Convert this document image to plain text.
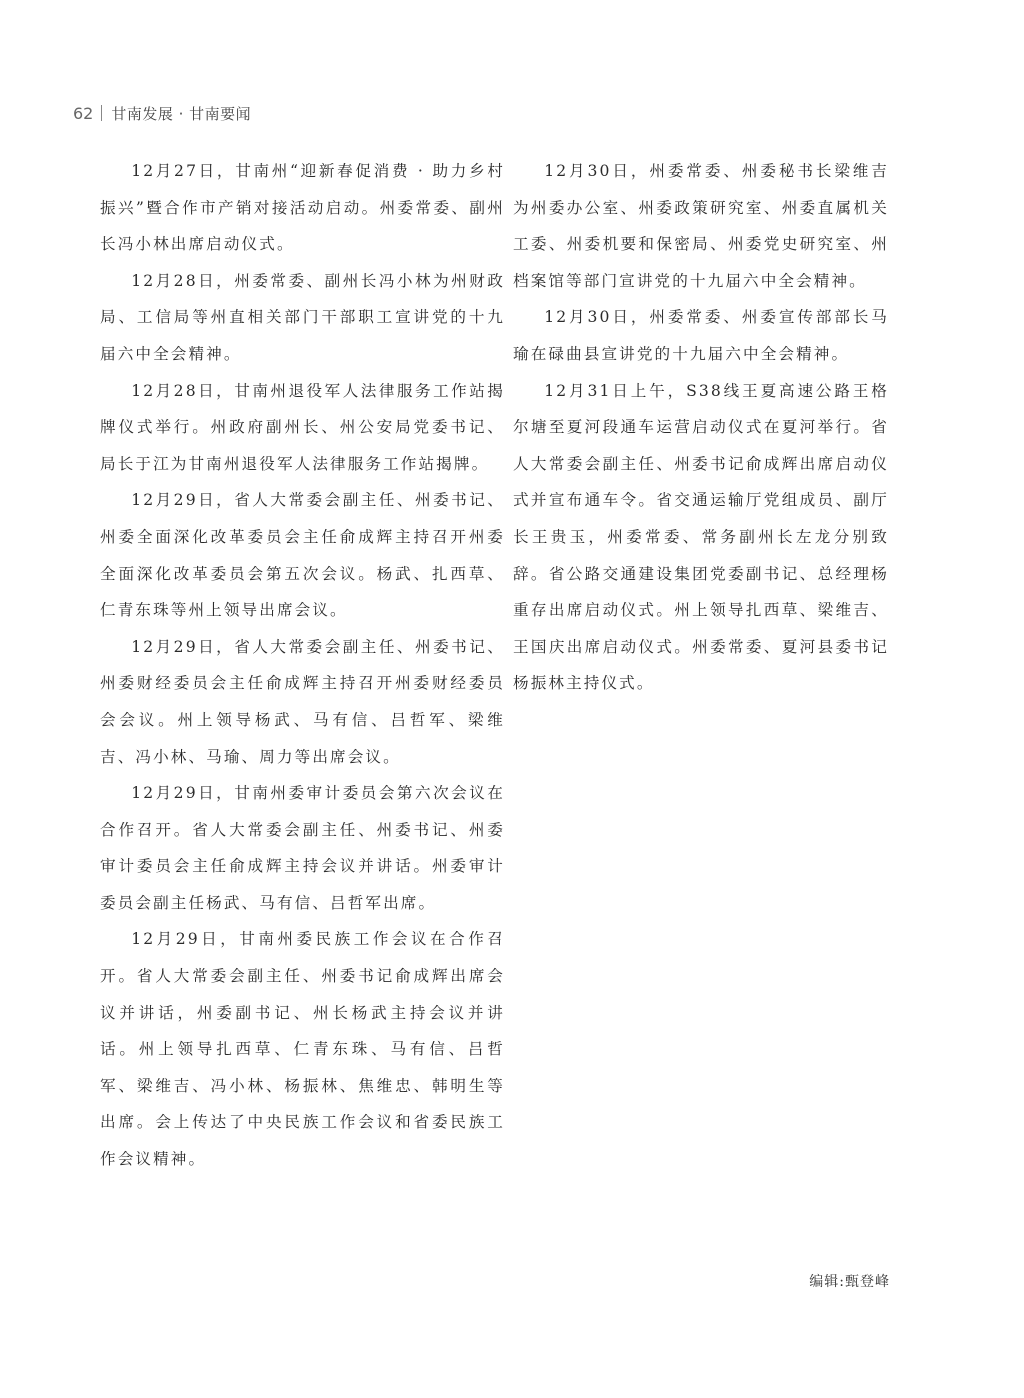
62 甘南发展 · 甘南要闻

12月27日，甘南州“迎新春促消费 · 助力乡村振兴”暨合作市产销对接活动启动。州委常委、副州长冯小林出席启动仪式。

12月28日，州委常委、副州长冯小林为州财政局、工信局等州直相关部门干部职工宣讲党的十九届六中全会精神。

12月28日，甘南州退役军人法律服务工作站揭牌仪式举行。州政府副州长、州公安局党委书记、局长于江为甘南州退役军人法律服务工作站揭牌。

12月29日，省人大常委会副主任、州委书记、州委全面深化改革委员会主任俞成辉主持召开州委全面深化改革委员会第五次会议。杨武、扎西草、仁青东珠等州上领导出席会议。

12月29日，省人大常委会副主任、州委书记、州委财经委员会主任俞成辉主持召开州委财经委员会会议。州上领导杨武、马有信、吕哲军、梁维吉、冯小林、马瑜、周力等出席会议。

12月29日，甘南州委审计委员会第六次会议在合作召开。省人大常委会副主任、州委书记、州委审计委员会主任俞成辉主持会议并讲话。州委审计委员会副主任杨武、马有信、吕哲军出席。

12月29日，甘南州委民族工作会议在合作召开。省人大常委会副主任、州委书记俞成辉出席会议并讲话，州委副书记、州长杨武主持会议并讲话。州上领导扎西草、仁青东珠、马有信、吕哲军、梁维吉、冯小林、杨振林、焦维忠、韩明生等出席。会上传达了中央民族工作会议和省委民族工作会议精神。

12月30日，州委常委、州委秘书长梁维吉为州委办公室、州委政策研究室、州委直属机关工委、州委机要和保密局、州委党史研究室、州档案馆等部门宣讲党的十九届六中全会精神。

12月30日，州委常委、州委宣传部部长马瑜在碌曲县宣讲党的十九届六中全会精神。

12月31日上午，S38线王夏高速公路王格尔塘至夏河段通车运营启动仪式在夏河举行。省人大常委会副主任、州委书记俞成辉出席启动仪式并宣布通车令。省交通运输厅党组成员、副厅长王贵玉，州委常委、常务副州长左龙分别致辞。省公路交通建设集团党委副书记、总经理杨重存出席启动仪式。州上领导扎西草、梁维吉、王国庆出席启动仪式。州委常委、夏河县委书记杨振林主持仪式。

编辑:甄登峰
